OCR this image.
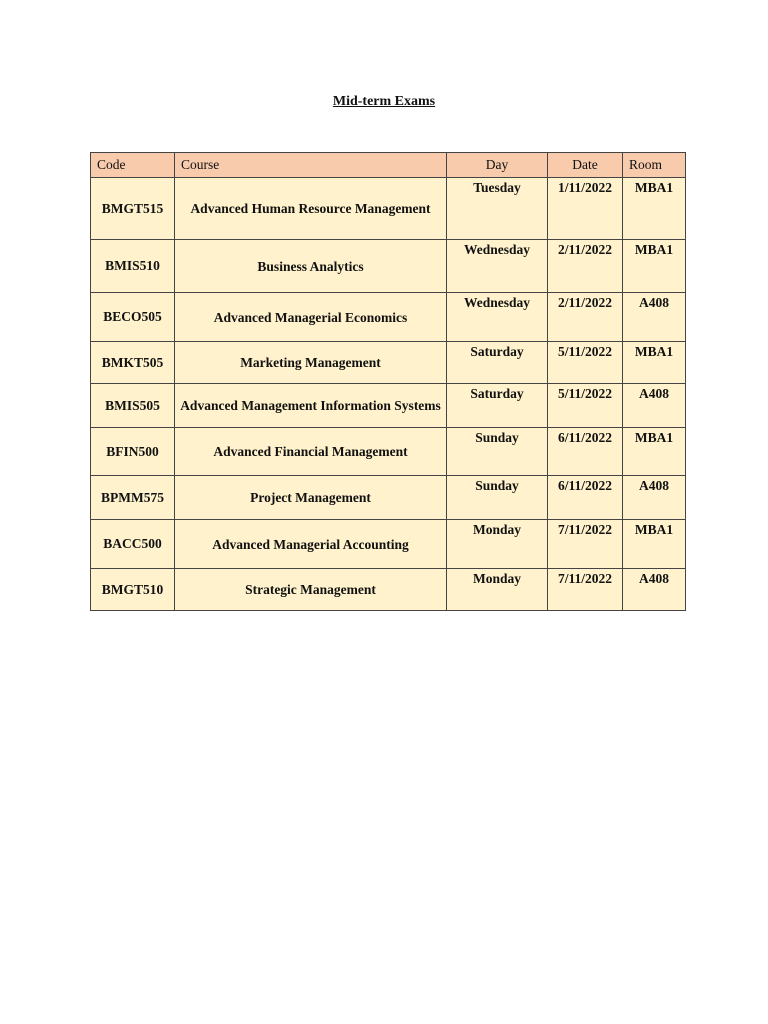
Mid-term Exams
Code	Course	Day	Date	Room
BMGT515	Advanced Human Resource Management	Tuesday	1/11/2022	MBA1
BMIS510	Business Analytics	Wednesday	2/11/2022	MBA1
BECO505	Advanced Managerial Economics	Wednesday	2/11/2022	A408
BMKT505	Marketing Management	Saturday	5/11/2022	MBA1
BMIS505	Advanced Management Information Systems	Saturday	5/11/2022	A408
BFIN500	Advanced Financial Management	Sunday	6/11/2022	MBA1
BPMM575	Project Management	Sunday	6/11/2022	A408
BACC500	Advanced Managerial Accounting	Monday	7/11/2022	MBA1
BMGT510	Strategic Management	Monday	7/11/2022	A408
